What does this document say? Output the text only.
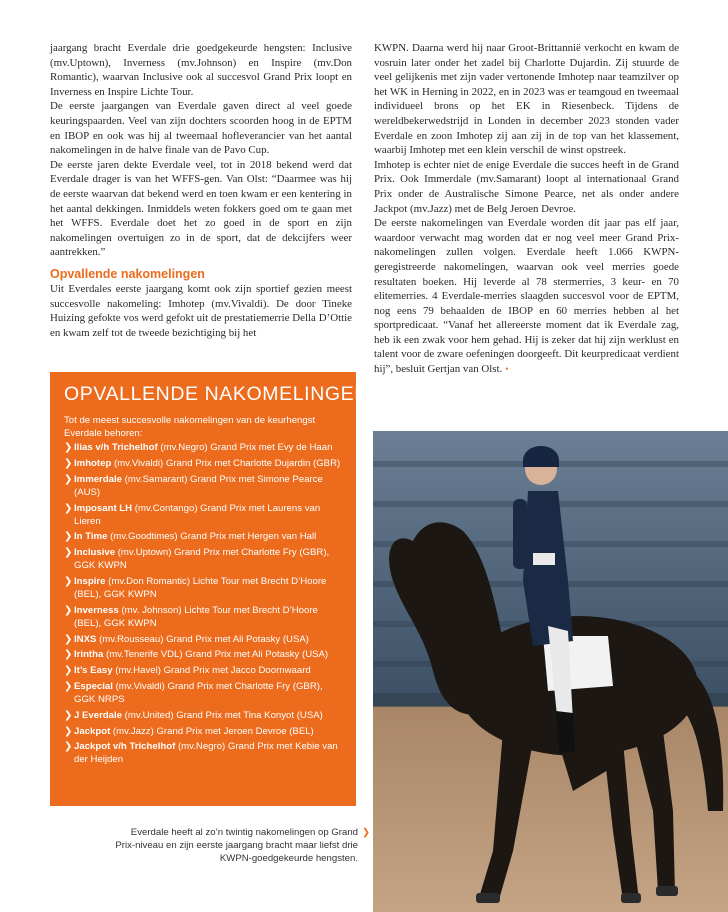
jaargang bracht Everdale drie goedgekeurde hengsten: Inclusive (mv.Uptown), Inverness (mv.Johnson) en Inspire (mv.Don Romantic), waarvan Inclusive ook al succesvol Grand Prix loopt en Inverness en Inspire Lichte Tour.

De eerste jaargangen van Everdale gaven direct al veel goede keuringspaarden. Veel van zijn dochters scoorden hoog in de EPTM en IBOP en ook was hij al tweemaal hofleverancier van het aantal nakomelingen in de halve finale van de Pavo Cup.

De eerste jaren dekte Everdale veel, tot in 2018 bekend werd dat Everdale drager is van het WFFS-gen. Van Olst: “Daarmee was hij de eerste waarvan dat bekend werd en toen kwam er een kentering in het aantal dekkingen. Inmiddels weten fokkers goed om te gaan met het WFFS. Everdale doet het zo goed in de sport en zijn nakomelingen overtuigen zo in de sport, dat de dekcijfers weer aantrekken.”

Opvallende nakomelingen

Uit Everdales eerste jaargang komt ook zijn sportief gezien meest succesvolle nakomeling: Imhotep (mv.Vivaldi). De door Tineke Huizing gefokte vos werd gefokt uit de prestatiemerrie Della D’Ottie en kwam zelf tot de tweede bezichtiging bij het

KWPN. Daarna werd hij naar Groot-Brittannië verkocht en kwam de vosruin later onder het zadel bij Charlotte Dujardin. Zij stuurde de veel gelijkenis met zijn vader vertonende Imhotep naar teamzilver op het WK in Herning in 2022, en in 2023 was er teamgoud en tweemaal individueel brons op het EK in Riesenbeck. Tijdens de wereldbekerwedstrijd in Londen in december 2023 stonden vader Everdale en zoon Imhotep zij aan zij in de top van het klassement, waarbij Imhotep met een klein verschil de winst opstreek.

Imhotep is echter niet de enige Everdale die succes heeft in de Grand Prix. Ook Immerdale (mv.Samarant) loopt al internationaal Grand Prix onder de Australische Simone Pearce, net als onder andere Jackpot (mv.Jazz) met de Belg Jeroen Devroe.

De eerste nakomelingen van Everdale worden dit jaar pas elf jaar, waardoor verwacht mag worden dat er nog veel meer Grand Prix-nakomelingen zullen volgen. Everdale heeft 1.066 KWPN-geregistreerde nakomelingen, waarvan ook veel merries goede resultaten boeken. Hij leverde al 78 stermerries, 3 keur- en 70 elitemerries. 4 Everdale-merries slaagden succesvol voor de EPTM, nog eens 79 behaalden de IBOP en 60 merries hebben al het sportpredicaat. “Vanaf het allereerste moment dat ik Everdale zag, heb ik een zwak voor hem gehad. Hij is zeker dat hij zijn werklust en talent voor de zware oefeningen doorgeeft. Dit keurpredicaat verdient hij”, besluit Gertjan van Olst. •

OPVALLENDE NAKOMELINGEN
Tot de meest succesvolle nakomelingen van de keurhengst Everdale behoren:
❯ Ilias v/h Trichelhof (mv.Negro) Grand Prix met Evy de Haan
❯ Imhotep (mv.Vivaldi) Grand Prix met Charlotte Dujardin (GBR)
❯ Immerdale (mv.Samarant) Grand Prix met Simone Pearce (AUS)
❯ Imposant LH (mv.Contango) Grand Prix met Laurens van Lieren
❯ In Time (mv.Goodtimes) Grand Prix met Hergen van Hall
❯ Inclusive (mv.Uptown) Grand Prix met Charlotte Fry (GBR), GGK KWPN
❯ Inspire (mv.Don Romantic) Lichte Tour met Brecht D’Hoore (BEL), GGK KWPN
❯ Inverness (mv. Johnson) Lichte Tour met Brecht D’Hoore (BEL), GGK KWPN
❯ INXS (mv.Rousseau) Grand Prix met Ali Potasky (USA)
❯ Irintha (mv.Tenerife VDL) Grand Prix met Ali Potasky (USA)
❯ It’s Easy (mv.Havel) Grand Prix met Jacco Doornwaard
❯ Especial (mv.Vivaldi) Grand Prix met Charlotte Fry (GBR), GGK NRPS
❯ J Everdale (mv.United) Grand Prix met Tina Konyot (USA)
❯ Jackpot (mv.Jazz) Grand Prix met Jeroen Devroe (BEL)
❯ Jackpot v/h Trichelhof (mv.Negro) Grand Prix met Kebie van der Heijden
Everdale heeft al zo’n twintig nakomelingen op Grand Prix-niveau en zijn eerste jaargang bracht maar liefst drie KWPN-goedgekeurde hengsten.
❯
